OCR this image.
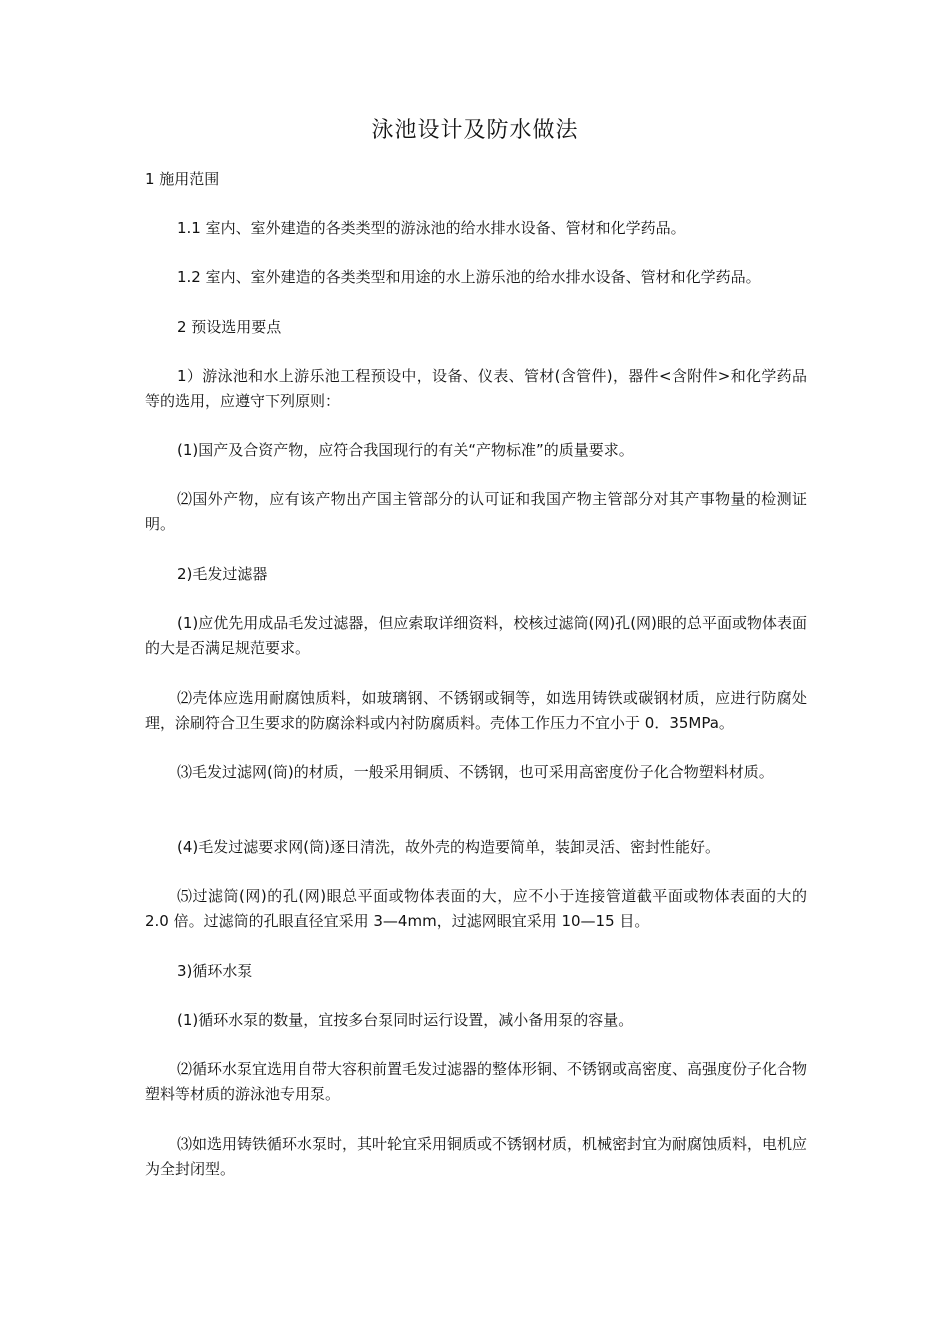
泳池设计及防水做法

1 施用范围

1.1 室内、室外建造的各类类型的游泳池的给水排水设备、管材和化学药品。

1.2 室内、室外建造的各类类型和用途的水上游乐池的给水排水设备、管材和化学药品。

2 预设选用要点

1）游泳池和水上游乐池工程预设中，设备、仪表、管材(含管件)，器件<含附件>和化学药品等的选用，应遵守下列原则：

(1)国产及合资产物，应符合我国现行的有关“产物标准”的质量要求。

⑵国外产物，应有该产物出产国主管部分的认可证和我国产物主管部分对其产事物量的检测证明。

2)毛发过滤器

(1)应优先用成品毛发过滤器，但应索取详细资料，校核过滤筒(网)孔(网)眼的总平面或物体表面的大是否满足规范要求。

⑵壳体应选用耐腐蚀质料，如玻璃钢、不锈钢或铜等，如选用铸铁或碳钢材质，应进行防腐处理，涂刷符合卫生要求的防腐涂料或内衬防腐质料。壳体工作压力不宜小于 0．35MPa。

⑶毛发过滤网(筒)的材质，一般采用铜质、不锈钢，也可采用高密度份子化合物塑料材质。

(4)毛发过滤要求网(筒)逐日清洗，故外壳的构造要简单，装卸灵活、密封性能好。

⑸过滤筒(网)的孔(网)眼总平面或物体表面的大，应不小于连接管道截平面或物体表面的大的 2.0 倍。过滤筒的孔眼直径宜采用 3—4mm，过滤网眼宜采用 10—15 目。

3)循环水泵

(1)循环水泵的数量，宜按多台泵同时运行设置，减小备用泵的容量。

⑵循环水泵宜选用自带大容积前置毛发过滤器的整体形铜、不锈钢或高密度、高强度份子化合物塑料等材质的游泳池专用泵。

⑶如选用铸铁循环水泵时，其叶轮宜采用铜质或不锈钢材质，机械密封宜为耐腐蚀质料，电机应为全封闭型。
